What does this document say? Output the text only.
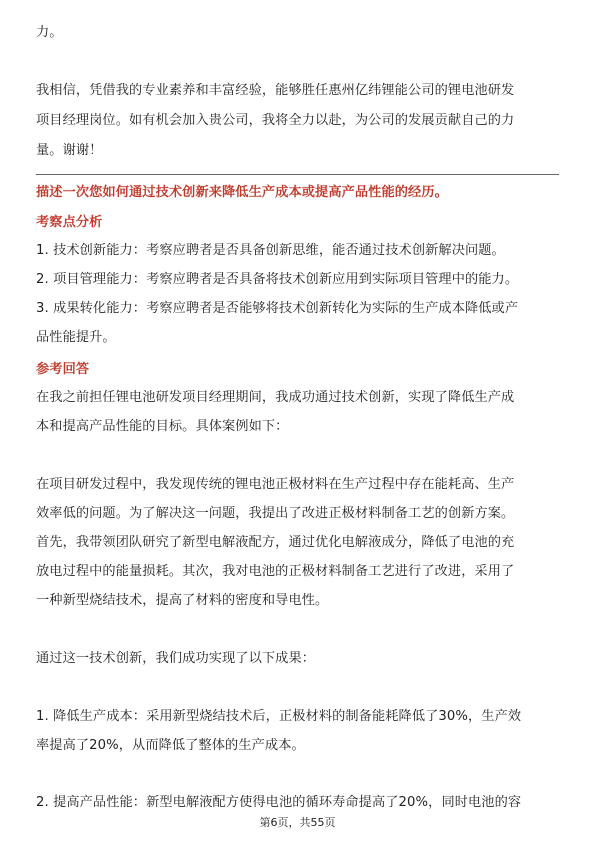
力。
我相信，凭借我的专业素养和丰富经验，能够胜任惠州亿纬锂能公司的锂电池研发
项目经理岗位。如有机会加入贵公司，我将全力以赴，为公司的发展贡献自己的力
量。谢谢！
描述一次您如何通过技术创新来降低生产成本或提高产品性能的经历。
考察点分析
1. 技术创新能力：考察应聘者是否具备创新思维，能否通过技术创新解决问题。
2. 项目管理能力：考察应聘者是否具备将技术创新应用到实际项目管理中的能力。
3. 成果转化能力：考察应聘者是否能够将技术创新转化为实际的生产成本降低或产
品性能提升。
参考回答
在我之前担任锂电池研发项目经理期间，我成功通过技术创新，实现了降低生产成
本和提高产品性能的目标。具体案例如下：
在项目研发过程中，我发现传统的锂电池正极材料在生产过程中存在能耗高、生产
效率低的问题。为了解决这一问题，我提出了改进正极材料制备工艺的创新方案。
首先，我带领团队研究了新型电解液配方，通过优化电解液成分，降低了电池的充
放电过程中的能量损耗。其次，我对电池的正极材料制备工艺进行了改进，采用了
一种新型烧结技术，提高了材料的密度和导电性。
通过这一技术创新，我们成功实现了以下成果：
1. 降低生产成本：采用新型烧结技术后，正极材料的制备能耗降低了30%，生产效
率提高了20%，从而降低了整体的生产成本。
2. 提高产品性能：新型电解液配方使得电池的循环寿命提高了20%，同时电池的容
第6页，共55页
